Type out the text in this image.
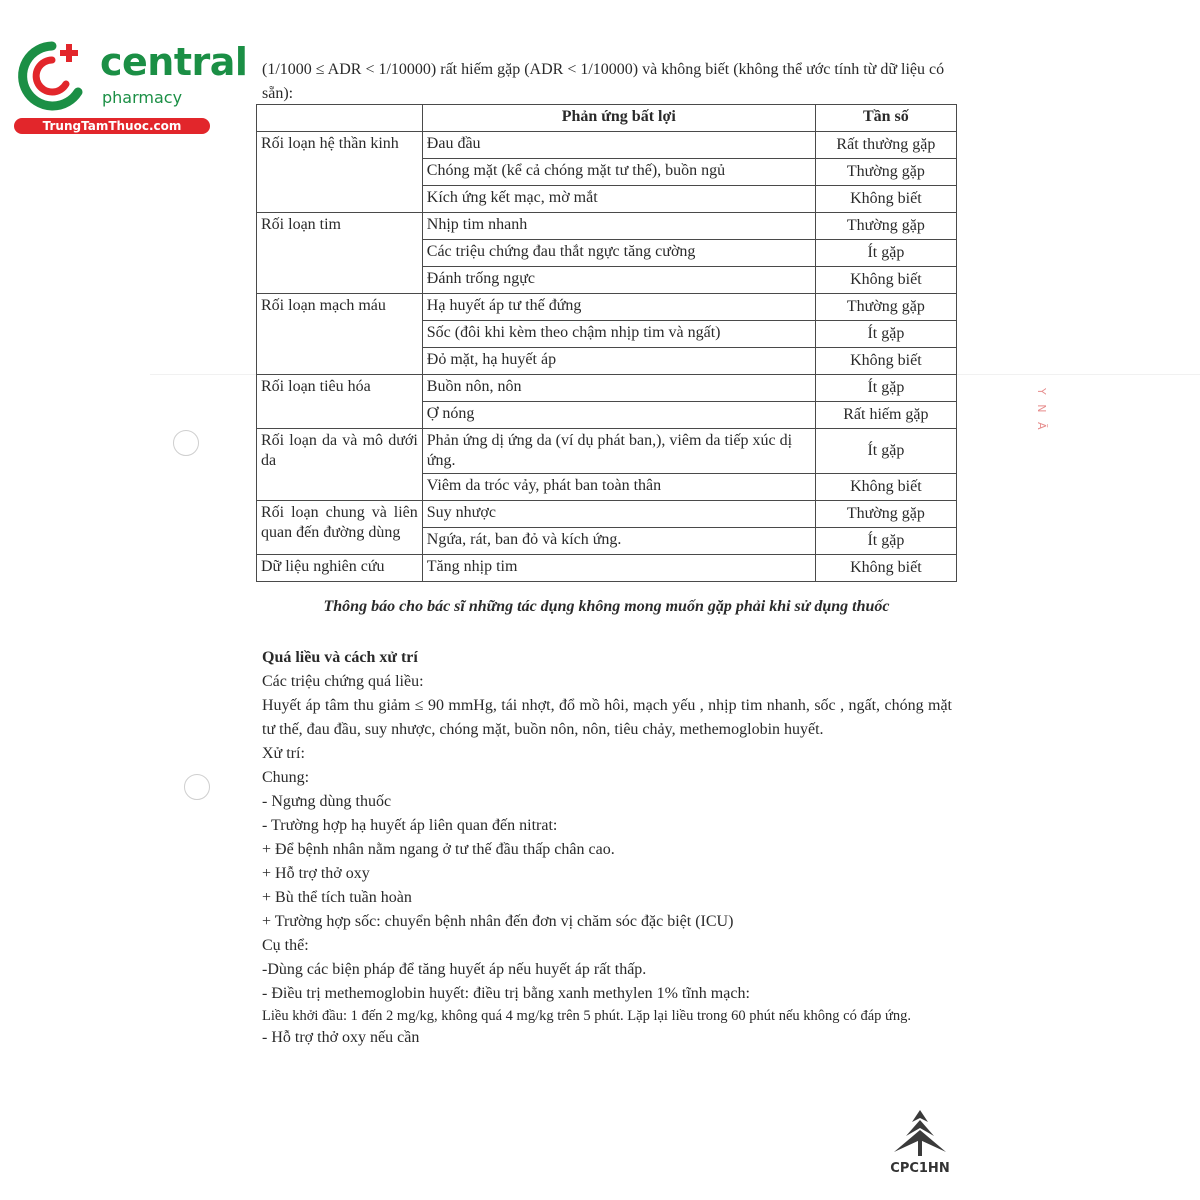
central
pharmacy
TrungTamThuoc.com
(1/1000 ≤ ADR < 1/10000) rất hiếm gặp (ADR < 1/10000) và không biết (không thể ước tính từ dữ liệu có sẵn):
	Phản ứng bất lợi	Tần số
Rối loạn hệ thần kinh	Đau đầu	Rất thường gặp
	Chóng mặt (kể cả chóng mặt tư thế), buồn ngủ	Thường gặp
	Kích ứng kết mạc, mờ mắt	Không biết
Rối loạn tim	Nhịp tim nhanh	Thường gặp
	Các triệu chứng đau thắt ngực tăng cường	Ít gặp
	Đánh trống ngực	Không biết
Rối loạn mạch máu	Hạ huyết áp tư thế đứng	Thường gặp
	Sốc (đôi khi kèm theo chậm nhịp tim và ngất)	Ít gặp
	Đỏ mặt, hạ huyết áp	Không biết
Rối loạn tiêu hóa	Buồn nôn, nôn	Ít gặp
	Ợ nóng	Rất hiếm gặp
Rối loạn da và mô dưới da	Phản ứng dị ứng da (ví dụ phát ban,), viêm da tiếp xúc dị ứng.	Ít gặp
	Viêm da tróc vảy, phát ban toàn thân	Không biết
Rối loạn chung và liên quan đến đường dùng	Suy nhược	Thường gặp
	Ngứa, rát, ban đỏ và kích ứng.	Ít gặp
Dữ liệu nghiên cứu	Tăng nhịp tim	Không biết
Thông báo cho bác sĩ những tác dụng không mong muốn gặp phải khi sử dụng thuốc
Quá liều và cách xử trí
Các triệu chứng quá liều:
Huyết áp tâm thu giảm ≤ 90 mmHg, tái nhợt, đổ mồ hôi, mạch yếu , nhịp tim nhanh, sốc , ngất, chóng mặt tư thế, đau đầu, suy nhược, chóng mặt, buồn nôn, nôn, tiêu chảy, methemoglobin huyết.
Xử trí:
Chung:
- Ngưng dùng thuốc
- Trường hợp hạ huyết áp liên quan đến nitrat:
+ Để bệnh nhân nằm ngang ở tư thế đầu thấp chân cao.
+ Hỗ trợ thở oxy
+ Bù thể tích tuần hoàn
+ Trường hợp sốc: chuyển bệnh nhân đến đơn vị chăm sóc đặc biệt (ICU)
Cụ thể:
-Dùng các biện pháp để tăng huyết áp nếu huyết áp rất thấp.
- Điều trị methemoglobin huyết: điều trị bằng xanh methylen 1% tĩnh mạch:
Liều khởi đầu: 1 đến 2 mg/kg, không quá 4 mg/kg trên 5 phút. Lặp lại liều trong 60 phút nếu không có đáp ứng.
- Hỗ trợ thở oxy nếu cần
Y N Ă
CPC1HN
